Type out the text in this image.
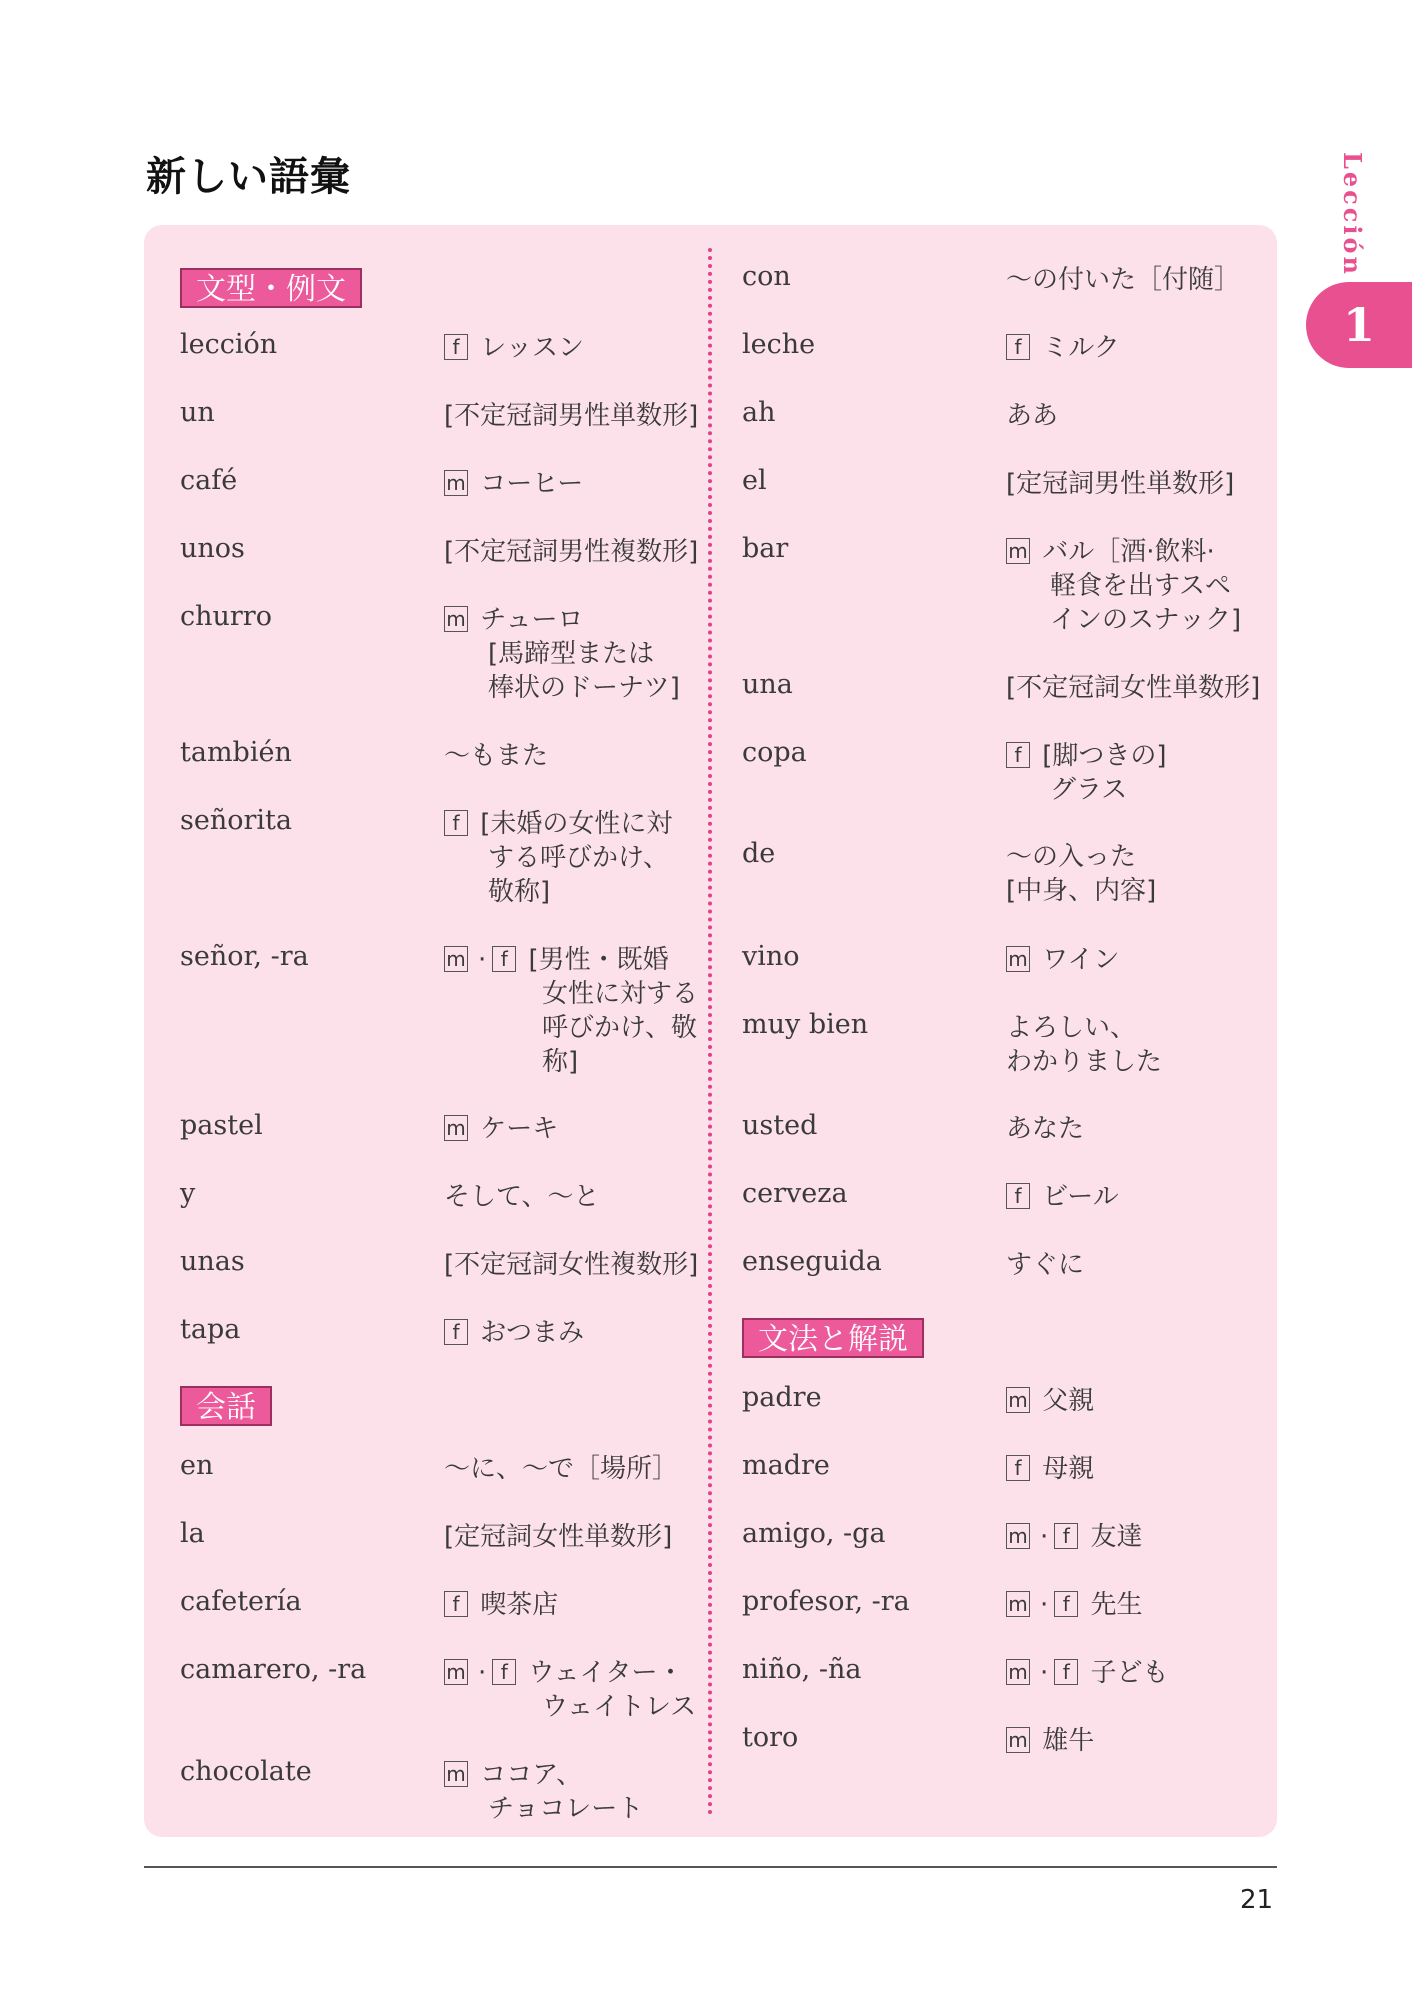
新しい語彙	Lección
1
文型・例文
会話
文法と解説
lección	f レッスン
un	[不定冠詞男性単数形]
café	m コーヒー
unos	[不定冠詞男性複数形]
churro	m チューロ
[馬蹄型または
棒状のドーナツ]
también	～もまた
señorita	f [未婚の女性に対
する呼びかけ、
敬称]
señor, -ra	m · f [男性・既婚
女性に対する
呼びかけ、敬
称]
pastel	m ケーキ
y	そして、～と
unas	[不定冠詞女性複数形]
tapa	f おつまみ
en	～に、～で［場所］
la	[定冠詞女性単数形]
cafetería	f 喫茶店
camarero, -ra	m · f ウェイター・
ウェイトレス
chocolate	m ココア、
チョコレート
con	～の付いた［付随］
leche	f ミルク
ah	ああ
el	[定冠詞男性単数形]
bar	m バル［酒·飲料·
軽食を出すスペ
インのスナック]
una	[不定冠詞女性単数形]
copa	f [脚つきの]
グラス
de	～の入った
[中身、内容]
vino	m ワイン
muy bien	よろしい、
わかりました
usted	あなた
cerveza	f ビール
enseguida	すぐに
padre	m 父親
madre	f 母親
amigo, -ga	m · f 友達
profesor, -ra	m · f 先生
niño, -ña	m · f 子ども
toro	m 雄牛
21
